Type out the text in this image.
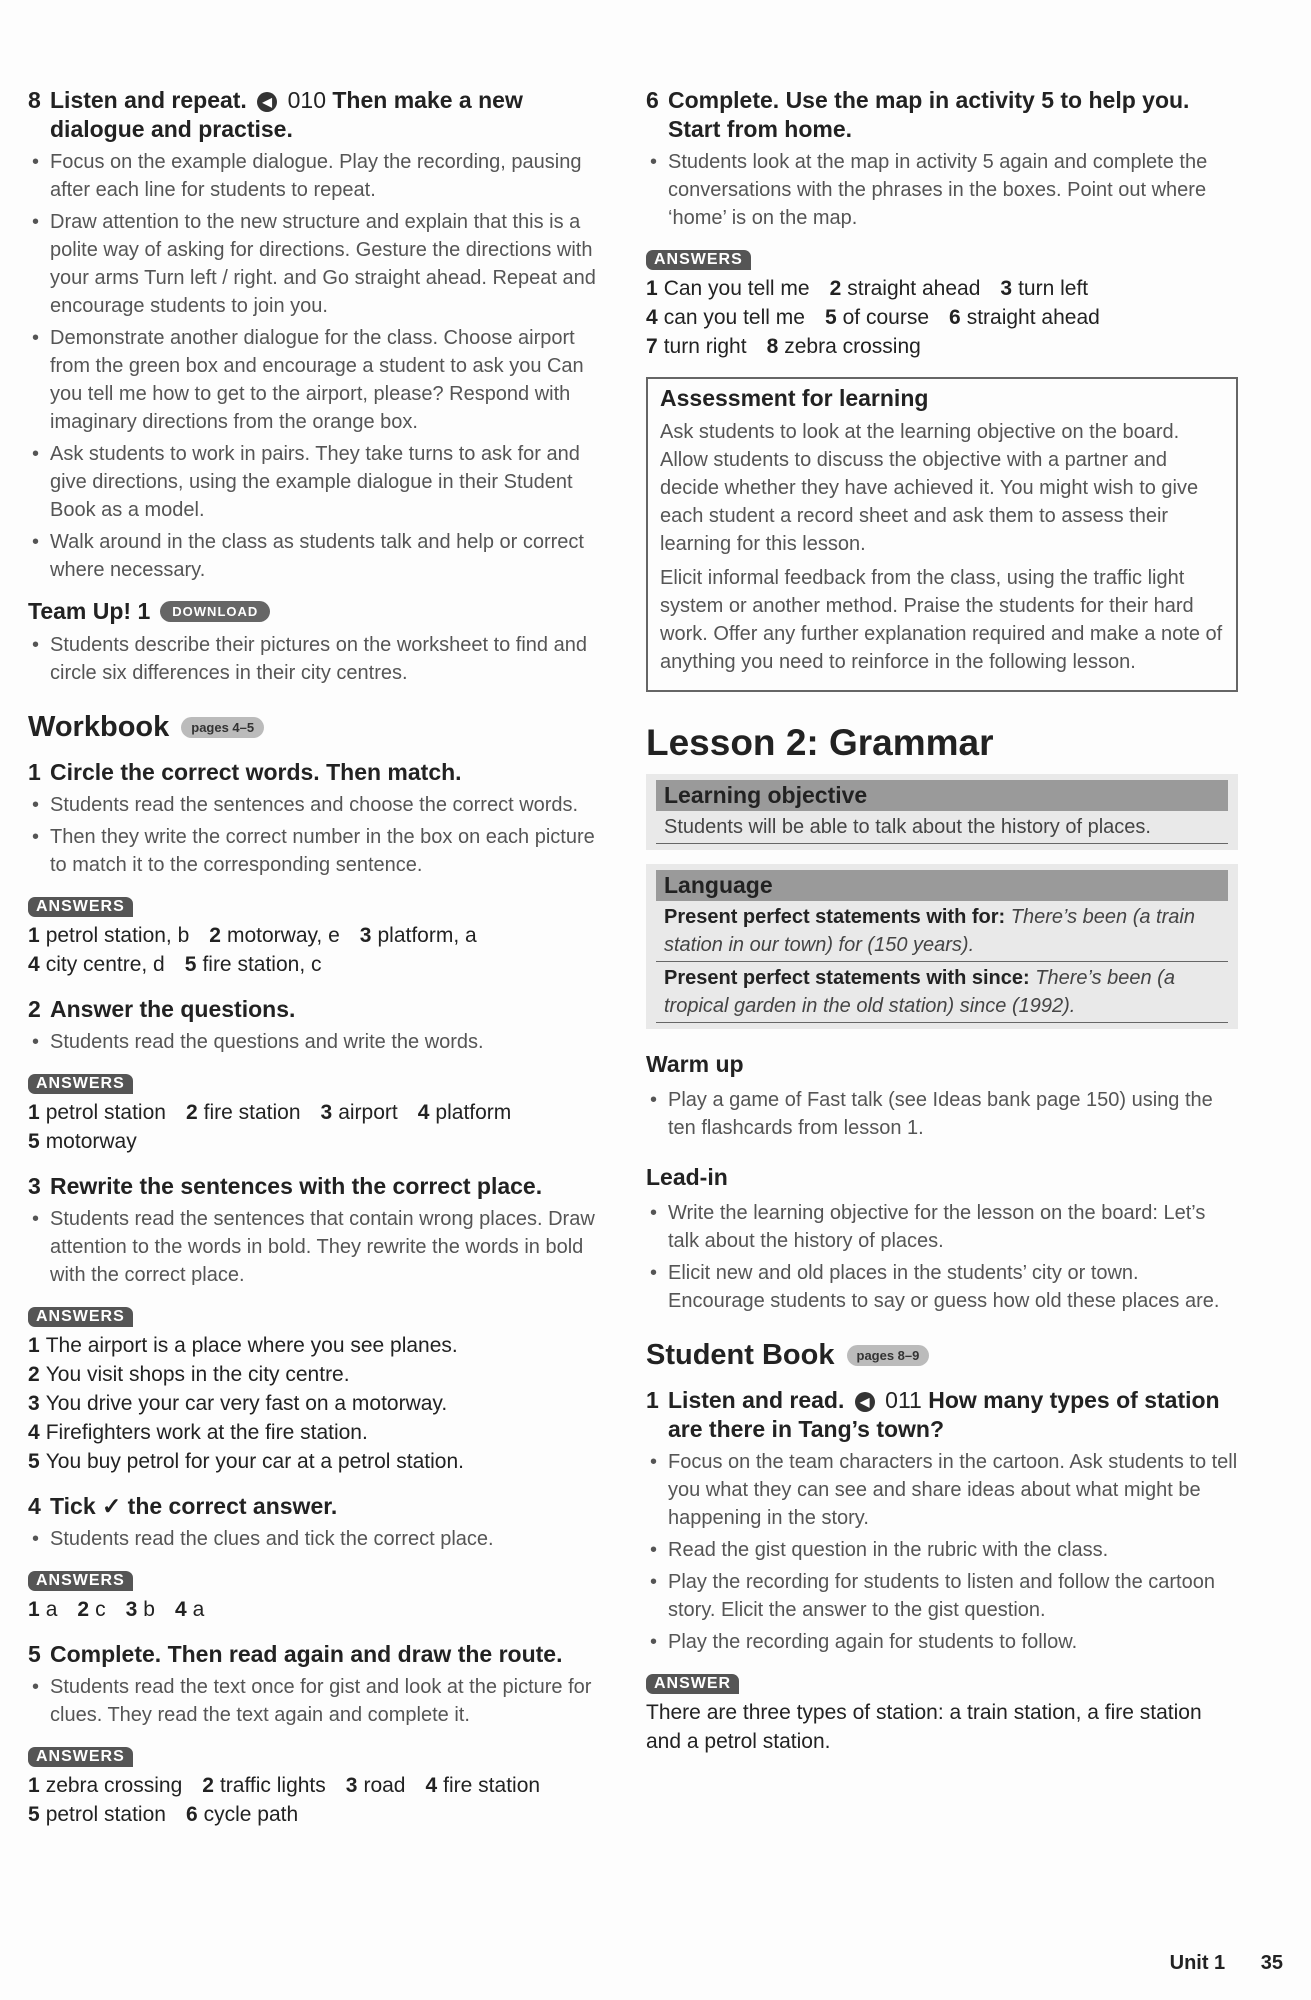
8 Listen and repeat. ◀ 010 Then make a new dialogue and practise.
• Focus on the example dialogue. Play the recording, pausing after each line for students to repeat.
• Draw attention to the new structure and explain that this is a polite way of asking for directions. Gesture the directions with your arms Turn left / right. and Go straight ahead. Repeat and encourage students to join you.
• Demonstrate another dialogue for the class. Choose airport from the green box and encourage a student to ask you Can you tell me how to get to the airport, please? Respond with imaginary directions from the orange box.
• Ask students to work in pairs. They take turns to ask for and give directions, using the example dialogue in their Student Book as a model.
• Walk around in the class as students talk and help or correct where necessary.
Team Up! 1	DOWNLOAD
• Students describe their pictures on the worksheet to find and circle six differences in their city centres.
Workbook	pages 4–5
1 Circle the correct words. Then match.
• Students read the sentences and choose the correct words.
• Then they write the correct number in the box on each picture to match it to the corresponding sentence.
ANSWERS
1 petrol station, b 2 motorway, e 3 platform, a
4 city centre, d 5 fire station, c
2 Answer the questions.
• Students read the questions and write the words.
ANSWERS
1 petrol station 2 fire station 3 airport 4 platform
5 motorway
3 Rewrite the sentences with the correct place.
• Students read the sentences that contain wrong places. Draw attention to the words in bold. They rewrite the words in bold with the correct place.
ANSWERS
1 The airport is a place where you see planes.
2 You visit shops in the city centre.
3 You drive your car very fast on a motorway.
4 Firefighters work at the fire station.
5 You buy petrol for your car at a petrol station.
4 Tick ✓ the correct answer.
• Students read the clues and tick the correct place.
ANSWERS
1 a 2 c 3 b 4 a
5 Complete. Then read again and draw the route.
• Students read the text once for gist and look at the picture for clues. They read the text again and complete it.
ANSWERS
1 zebra crossing 2 traffic lights 3 road 4 fire station
5 petrol station 6 cycle path
6 Complete. Use the map in activity 5 to help you. Start from home.
• Students look at the map in activity 5 again and complete the conversations with the phrases in the boxes. Point out where ‘home’ is on the map.
ANSWERS
1 Can you tell me 2 straight ahead 3 turn left
4 can you tell me 5 of course 6 straight ahead
7 turn right 8 zebra crossing
Assessment for learning

Ask students to look at the learning objective on the board. Allow students to discuss the objective with a partner and decide whether they have achieved it. You might wish to give each student a record sheet and ask them to assess their learning for this lesson.

Elicit informal feedback from the class, using the traffic light system or another method. Praise the students for their hard work. Offer any further explanation required and make a note of anything you need to reinforce in the following lesson.

Lesson 2: Grammar
Learning objective
Students will be able to talk about the history of places.
Language
Present perfect statements with for: There’s been (a train station in our town) for (150 years).
Present perfect statements with since: There’s been (a tropical garden in the old station) since (1992).
Warm up
• Play a game of Fast talk (see Ideas bank page 150) using the ten flashcards from lesson 1.
Lead-in
• Write the learning objective for the lesson on the board: Let’s talk about the history of places.
• Elicit new and old places in the students’ city or town. Encourage students to say or guess how old these places are.
Student Book	pages 8–9
1 Listen and read. ◀ 011 How many types of station are there in Tang’s town?
• Focus on the team characters in the cartoon. Ask students to tell you what they can see and share ideas about what might be happening in the story.
• Read the gist question in the rubric with the class.
• Play the recording for students to listen and follow the cartoon story. Elicit the answer to the gist question.
• Play the recording again for students to follow.
ANSWER
There are three types of station: a train station, a fire station and a petrol station.
Unit 1 35
